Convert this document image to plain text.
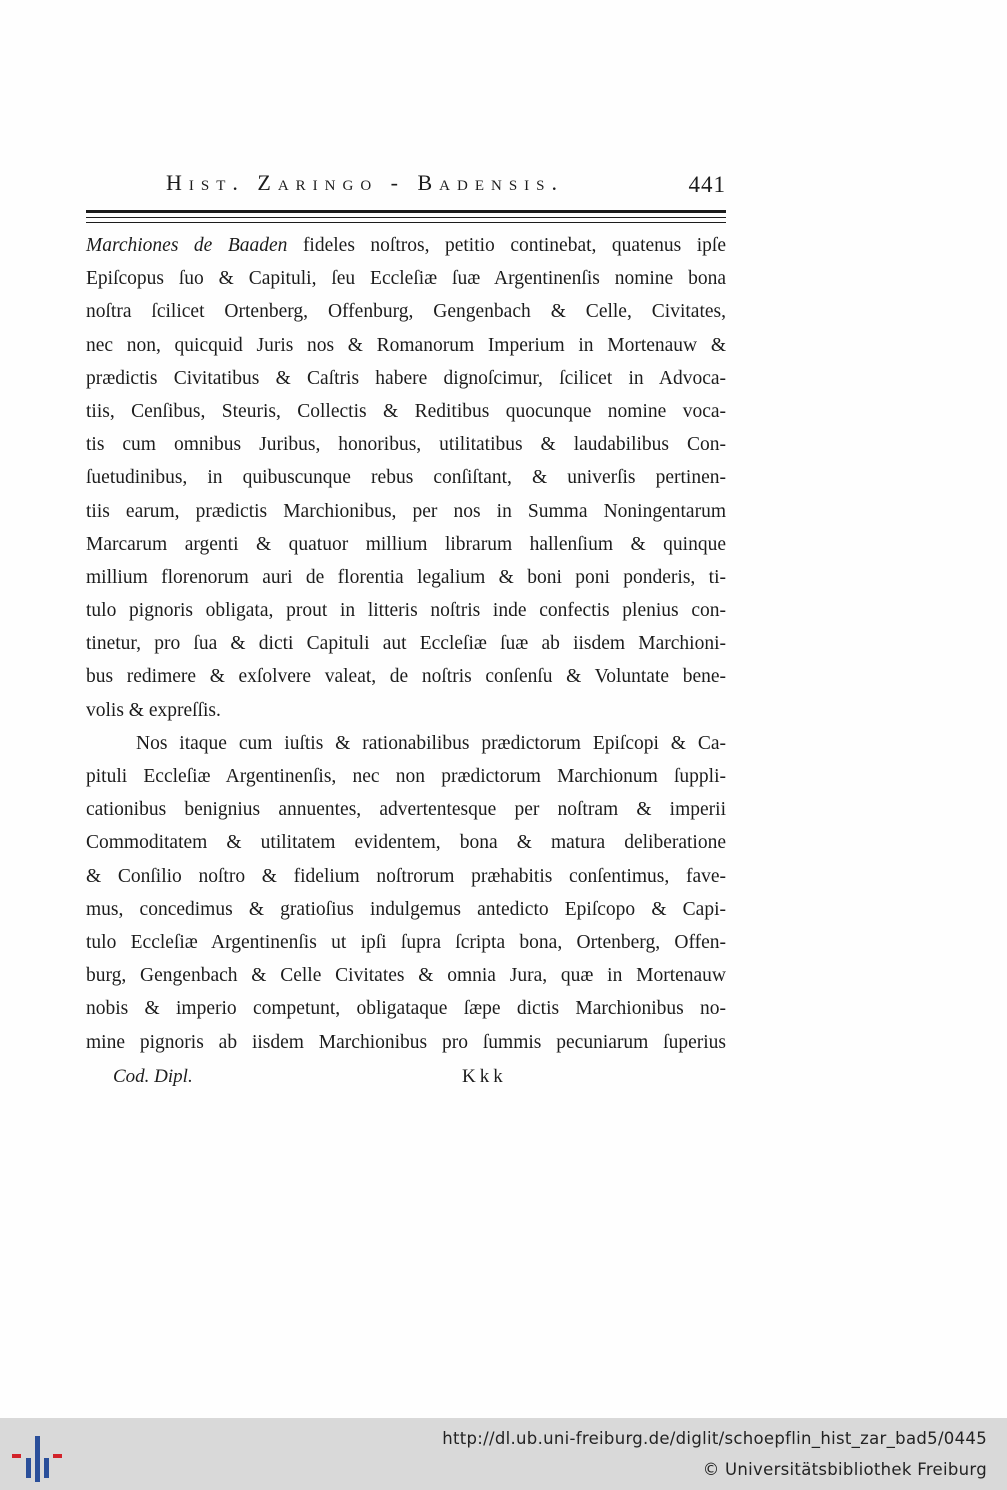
Hist. Zaringo - Badensis.	441
Marchiones de Baaden fideles noſtros, petitio continebat, quatenus ipſe
Epiſcopus ſuo & Capituli, ſeu Eccleſiæ ſuæ Argentinenſis nomine bona
noſtra ſcilicet Ortenberg, Offenburg, Gengenbach & Celle, Civitates,
nec non, quicquid Juris nos & Romanorum Imperium in Mortenauw &
prædictis Civitatibus & Caſtris habere dignoſcimur, ſcilicet in Advoca-
tiis, Cenſibus, Steuris, Collectis & Reditibus quocunque nomine voca-
tis cum omnibus Juribus, honoribus, utilitatibus & laudabilibus Con-
ſuetudinibus, in quibuscunque rebus conſiſtant, & univerſis pertinen-
tiis earum, prædictis Marchionibus, per nos in Summa Noningentarum
Marcarum argenti & quatuor millium librarum hallenſium & quinque
millium florenorum auri de florentia legalium & boni poni ponderis, ti-
tulo pignoris obligata, prout in litteris noſtris inde confectis plenius con-
tinetur, pro ſua & dicti Capituli aut Eccleſiæ ſuæ ab iisdem Marchioni-
bus redimere & exſolvere valeat, de noſtris conſenſu & Voluntate bene-
volis & expreſſis.
Nos itaque cum iuſtis & rationabilibus prædictorum Epiſcopi & Ca-
pituli Eccleſiæ Argentinenſis, nec non prædictorum Marchionum ſuppli-
cationibus benignius annuentes, advertentesque per noſtram & imperii
Commoditatem & utilitatem evidentem, bona & matura deliberatione
& Conſilio noſtro & fidelium noſtrorum præhabitis conſentimus, fave-
mus, concedimus & gratioſius indulgemus antedicto Epiſcopo & Capi-
tulo Eccleſiæ Argentinenſis ut ipſi ſupra ſcripta bona, Ortenberg, Offen-
burg, Gengenbach & Celle Civitates & omnia Jura, quæ in Mortenauw
nobis & imperio competunt, obligataque ſæpe dictis Marchionibus no-
mine pignoris ab iisdem Marchionibus pro ſummis pecuniarum ſuperius
Cod. Dipl.	Kkk
http://dl.ub.uni-freiburg.de/diglit/schoepflin_hist_zar_bad5/0445
© Universitätsbibliothek Freiburg
